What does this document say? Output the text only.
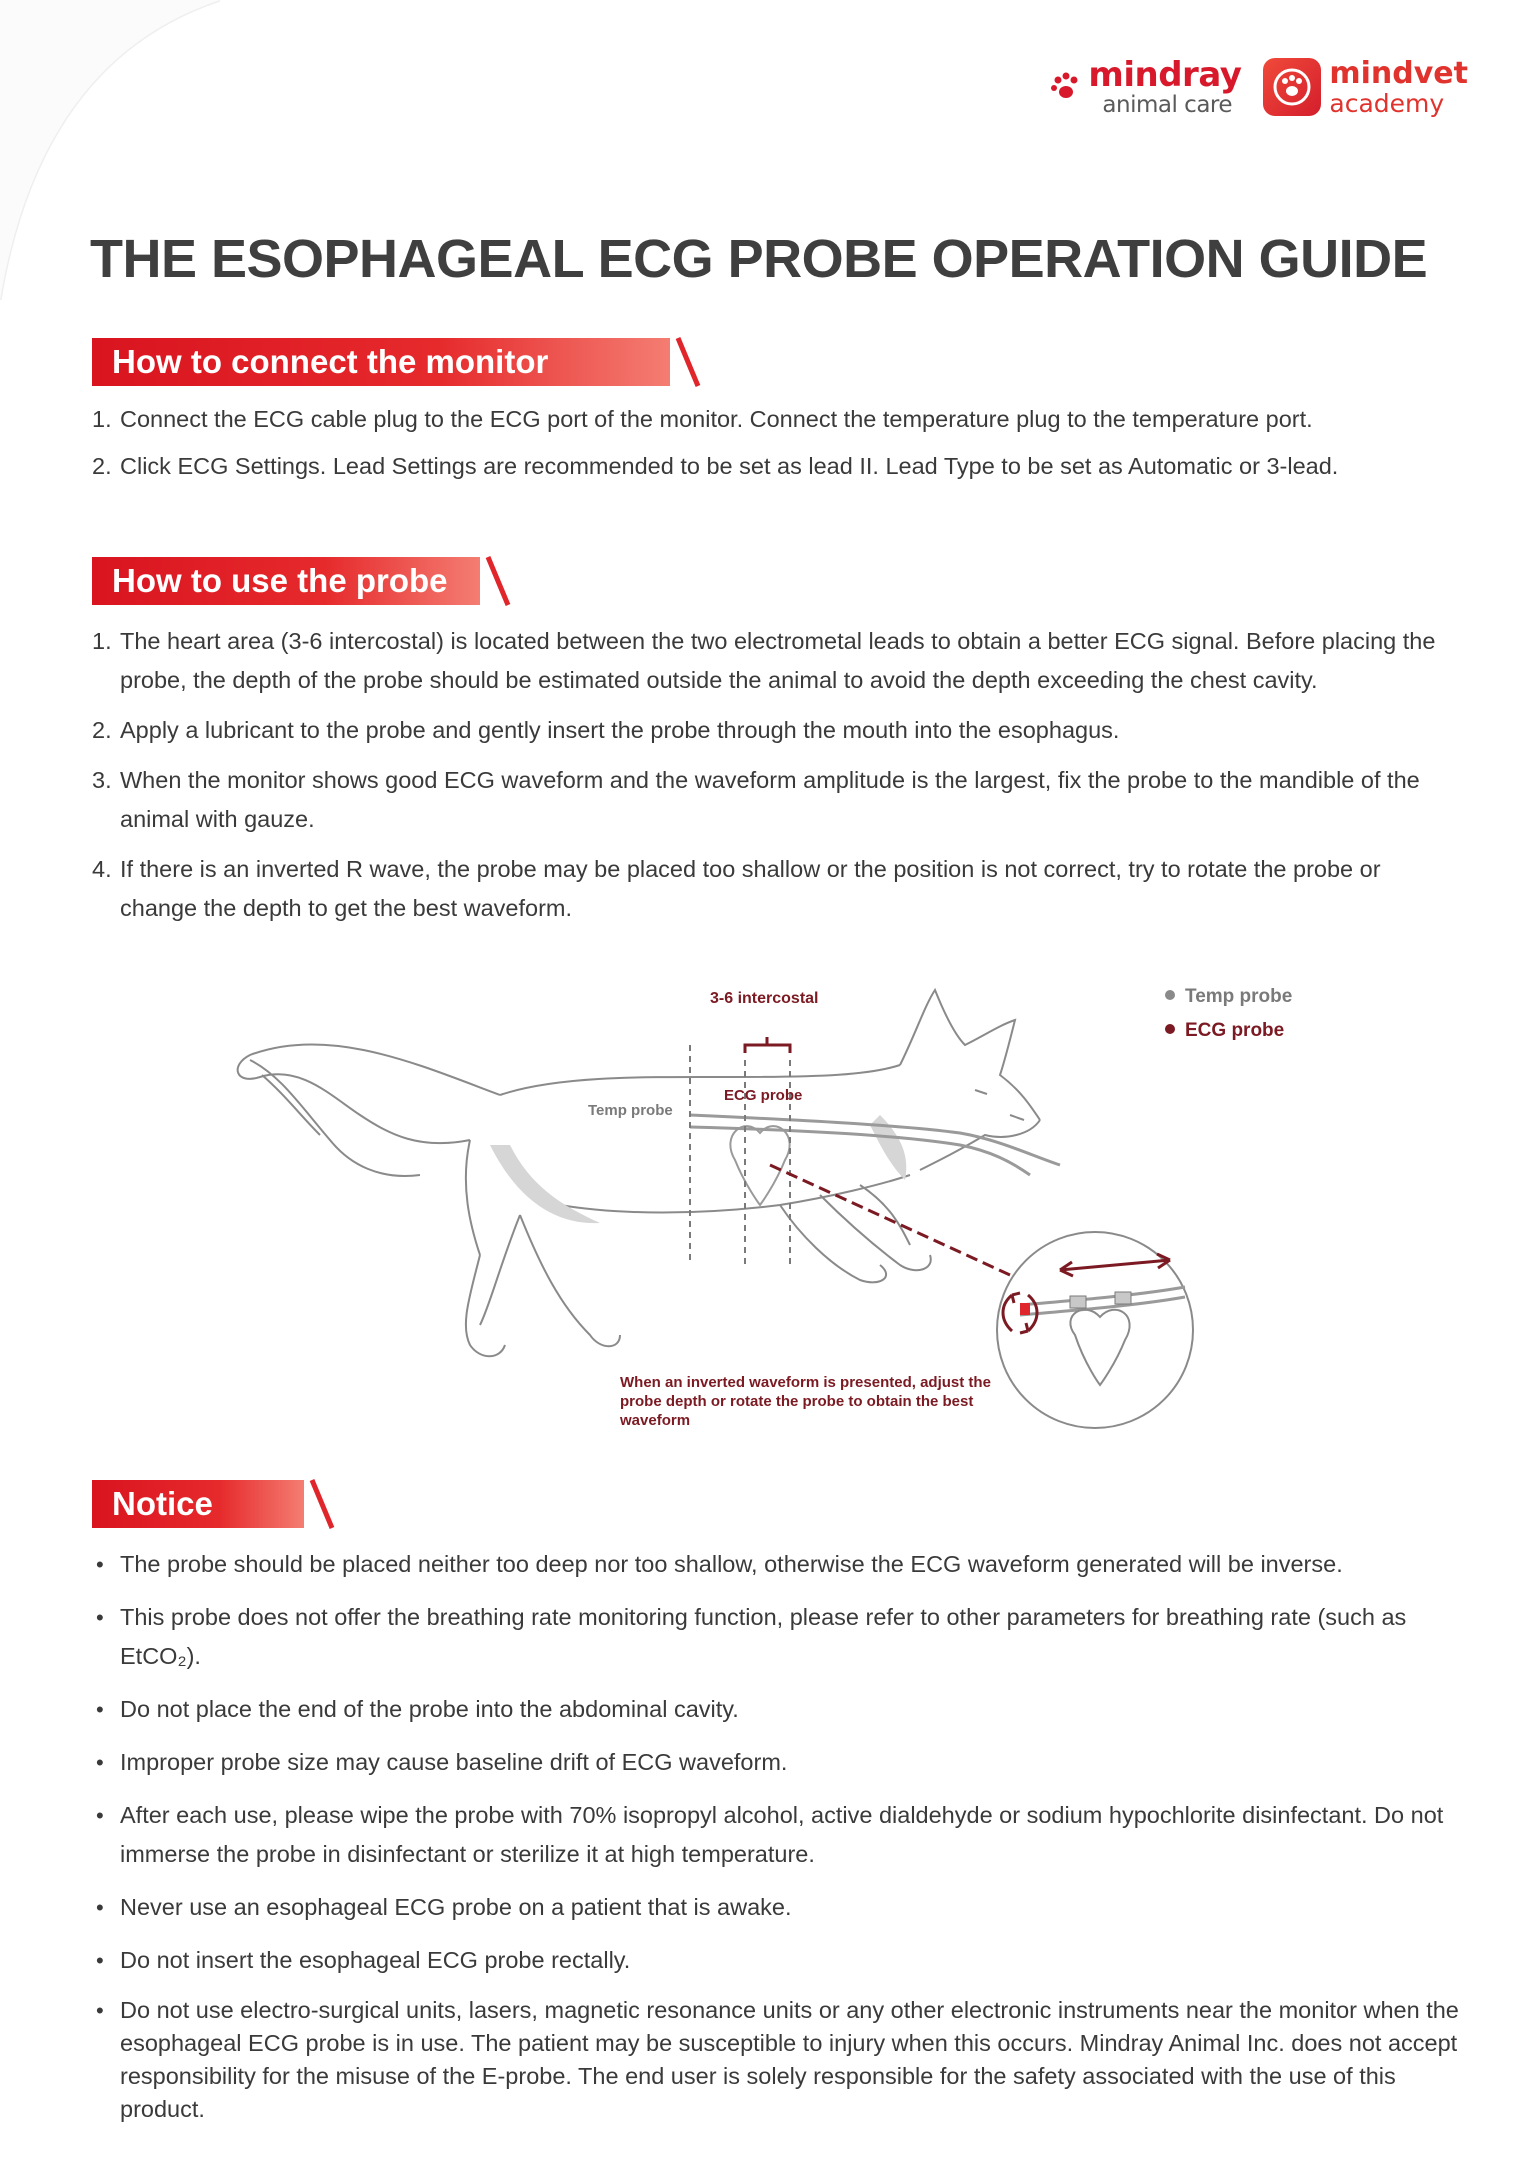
mindray
animal care
mindvet
academy
THE ESOPHAGEAL ECG PROBE OPERATION GUIDE
How to connect the monitor
1. Connect the ECG cable plug to the ECG port of the monitor. Connect the temperature plug to the temperature port.
2. Click ECG Settings. Lead Settings are recommended to be set as lead II. Lead Type to be set as Automatic or 3-lead.
How to use the probe
1. The heart area (3-6 intercostal) is located between the two electrometal leads to obtain a better ECG signal. Before placing the probe, the depth of the probe should be estimated outside the animal to avoid the depth exceeding the chest cavity.
2. Apply a lubricant to the probe and gently insert the probe through the mouth into the esophagus.
3. When the monitor shows good ECG waveform and the waveform amplitude is the largest, fix the probe to the mandible of the animal with gauze.
4. If there is an inverted R wave, the probe may be placed too shallow or the position is not correct, try to rotate the probe or change the depth to get the best waveform.
Temp probe
ECG probe
3-6 intercostal
Temp probe
ECG probe
When an inverted waveform is presented, adjust the
probe depth or rotate the probe to obtain the best
waveform
Notice
• The probe should be placed neither too deep nor too shallow, otherwise the ECG waveform generated will be inverse.
• This probe does not offer the breathing rate monitoring function, please refer to other parameters for breathing rate (such as EtCO₂).
• Do not place the end of the probe into the abdominal cavity.
• Improper probe size may cause baseline drift of ECG waveform.
• After each use, please wipe the probe with 70% isopropyl alcohol, active dialdehyde or sodium hypochlorite disinfectant. Do not immerse the probe in disinfectant or sterilize it at high temperature.
• Never use an esophageal ECG probe on a patient that is awake.
• Do not insert the esophageal ECG probe rectally.
• Do not use electro-surgical units, lasers, magnetic resonance units or any other electronic instruments near the monitor when the esophageal ECG probe is in use. The patient may be susceptible to injury when this occurs. Mindray Animal Inc. does not accept responsibility for the misuse of the E-probe. The end user is solely responsible for the safety associated with the use of this product.
